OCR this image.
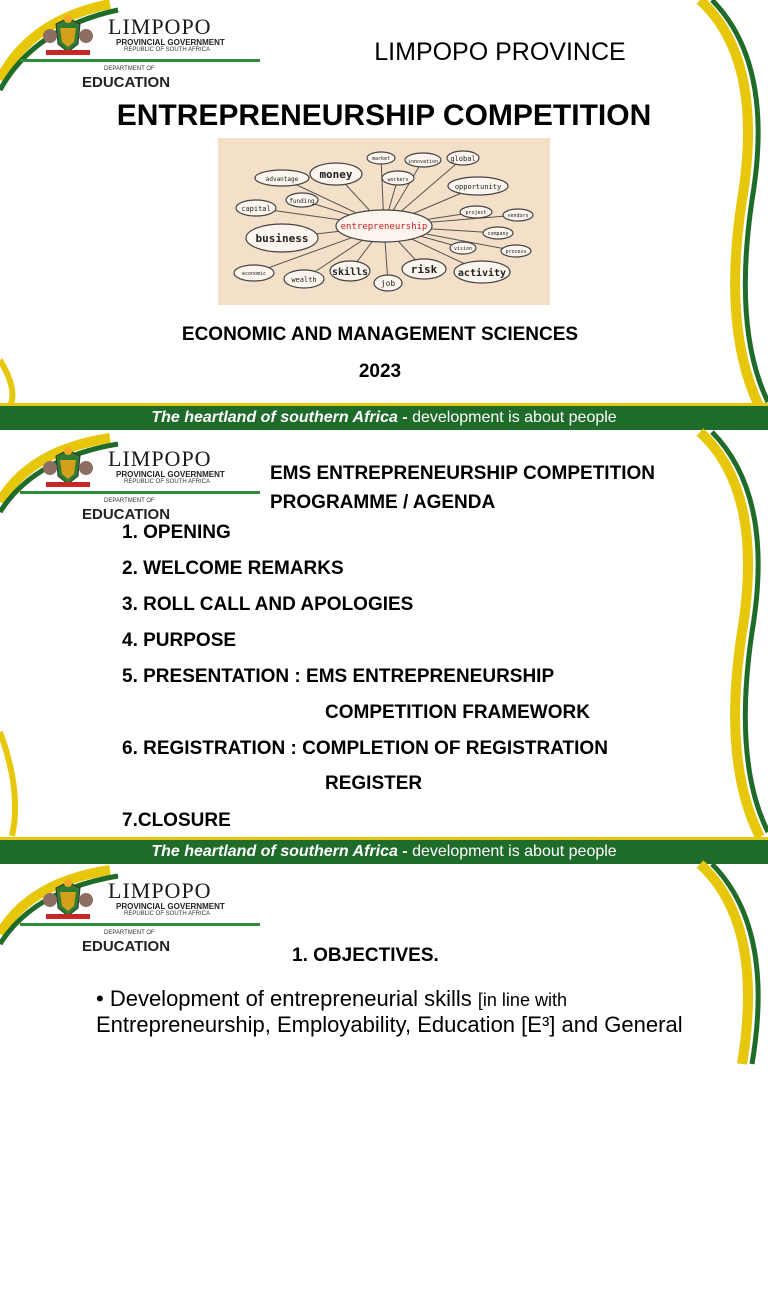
LIMPOPO
PROVINCIAL GOVERNMENT
REPUBLIC OF SOUTH AFRICA
DEPARTMENT OF
EDUCATION
LIMPOPO PROVINCE
ENTREPRENEURSHIP COMPETITION
entrepreneurship
money
market	innovation global
advantage	workers
opportunity
funding
capital	project	vendors
business	company
vision	process
economic
wealth
skills	risk activity
job
ECONOMIC AND MANAGEMENT SCIENCES
2023
The heartland of southern Africa - development is about people
LIMPOPO
PROVINCIAL GOVERNMENT
REPUBLIC OF SOUTH AFRICA
DEPARTMENT OF
EDUCATION
EMS ENTREPRENEURSHIP COMPETITION
PROGRAMME / AGENDA
1. OPENING
2. WELCOME REMARKS
3. ROLL CALL AND APOLOGIES
4. PURPOSE
5. PRESENTATION : EMS ENTREPRENEURSHIP
COMPETITION FRAMEWORK
6. REGISTRATION : COMPLETION OF REGISTRATION
REGISTER
7.CLOSURE
The heartland of southern Africa - development is about people
LIMPOPO
PROVINCIAL GOVERNMENT
REPUBLIC OF SOUTH AFRICA
DEPARTMENT OF
EDUCATION	1. OBJECTIVES.
• Development of entrepreneurial skills [in line with
Entrepreneurship, Employability, Education [E³] and General
